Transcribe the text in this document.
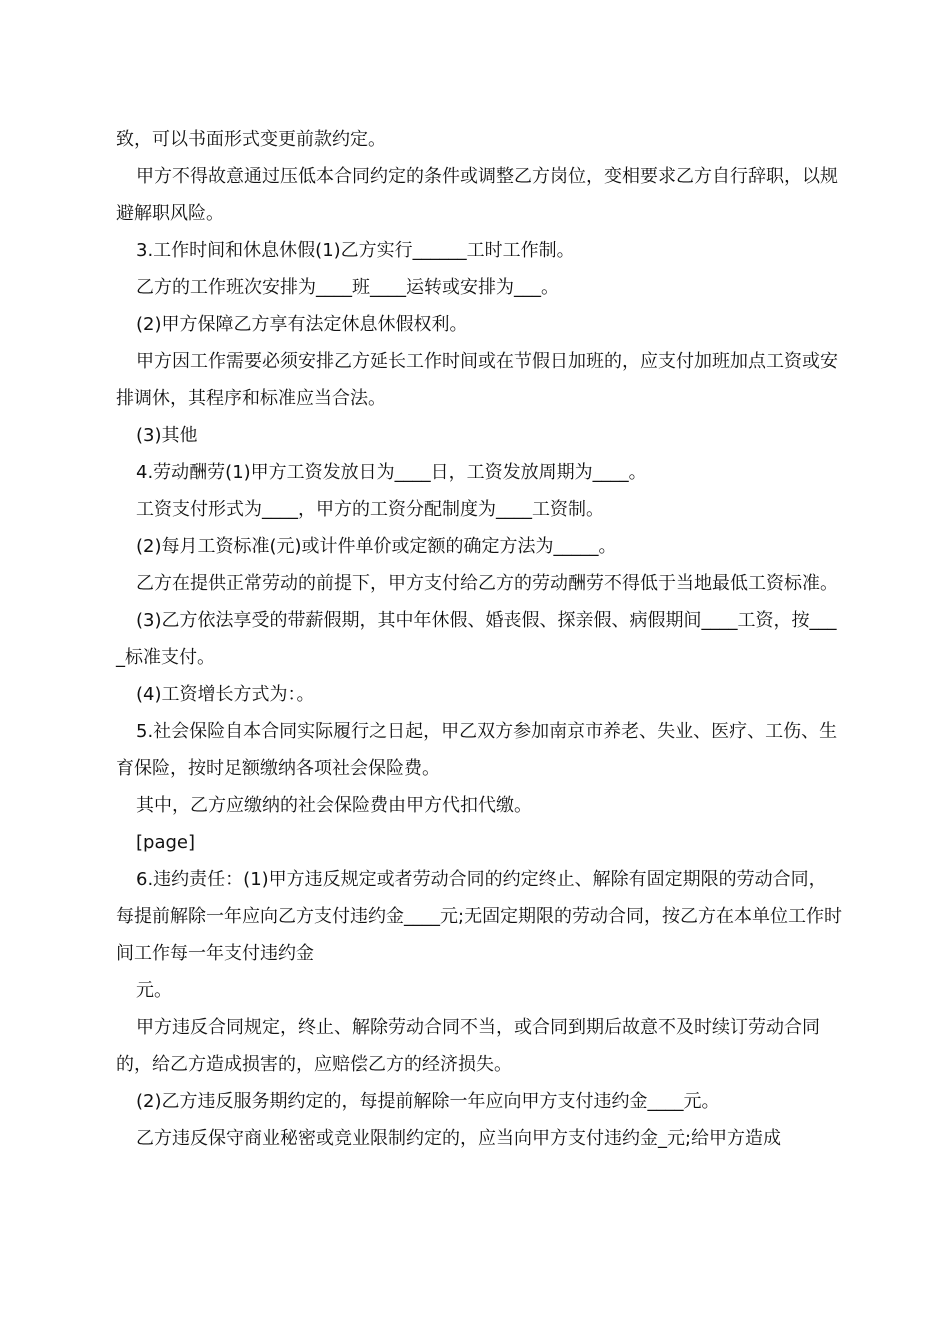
致，可以书面形式变更前款约定。

甲方不得故意通过压低本合同约定的条件或调整乙方岗位，变相要求乙方自行辞职，以规避解职风险。

3.工作时间和休息休假(1)乙方实行______工时工作制。

乙方的工作班次安排为____班____运转或安排为___。

(2)甲方保障乙方享有法定休息休假权利。

甲方因工作需要必须安排乙方延长工作时间或在节假日加班的，应支付加班加点工资或安排调休，其程序和标准应当合法。

(3)其他

4.劳动酬劳(1)甲方工资发放日为____日，工资发放周期为____。

工资支付形式为____，甲方的工资分配制度为____工资制。

(2)每月工资标准(元)或计件单价或定额的确定方法为_____。

乙方在提供正常劳动的前提下，甲方支付给乙方的劳动酬劳不得低于当地最低工资标准。

(3)乙方依法享受的带薪假期，其中年休假、婚丧假、探亲假、病假期间____工资，按____标准支付。

(4)工资增长方式为：。

5.社会保险自本合同实际履行之日起，甲乙双方参加南京市养老、失业、医疗、工伤、生育保险，按时足额缴纳各项社会保险费。

其中，乙方应缴纳的社会保险费由甲方代扣代缴。

[page]

6.违约责任：(1)甲方违反规定或者劳动合同的约定终止、解除有固定期限的劳动合同，每提前解除一年应向乙方支付违约金____元;无固定期限的劳动合同，按乙方在本单位工作时间工作每一年支付违约金

元。

甲方违反合同规定，终止、解除劳动合同不当，或合同到期后故意不及时续订劳动合同的，给乙方造成损害的，应赔偿乙方的经济损失。

(2)乙方违反服务期约定的，每提前解除一年应向甲方支付违约金____元。

乙方违反保守商业秘密或竞业限制约定的，应当向甲方支付违约金_元;给甲方造成
